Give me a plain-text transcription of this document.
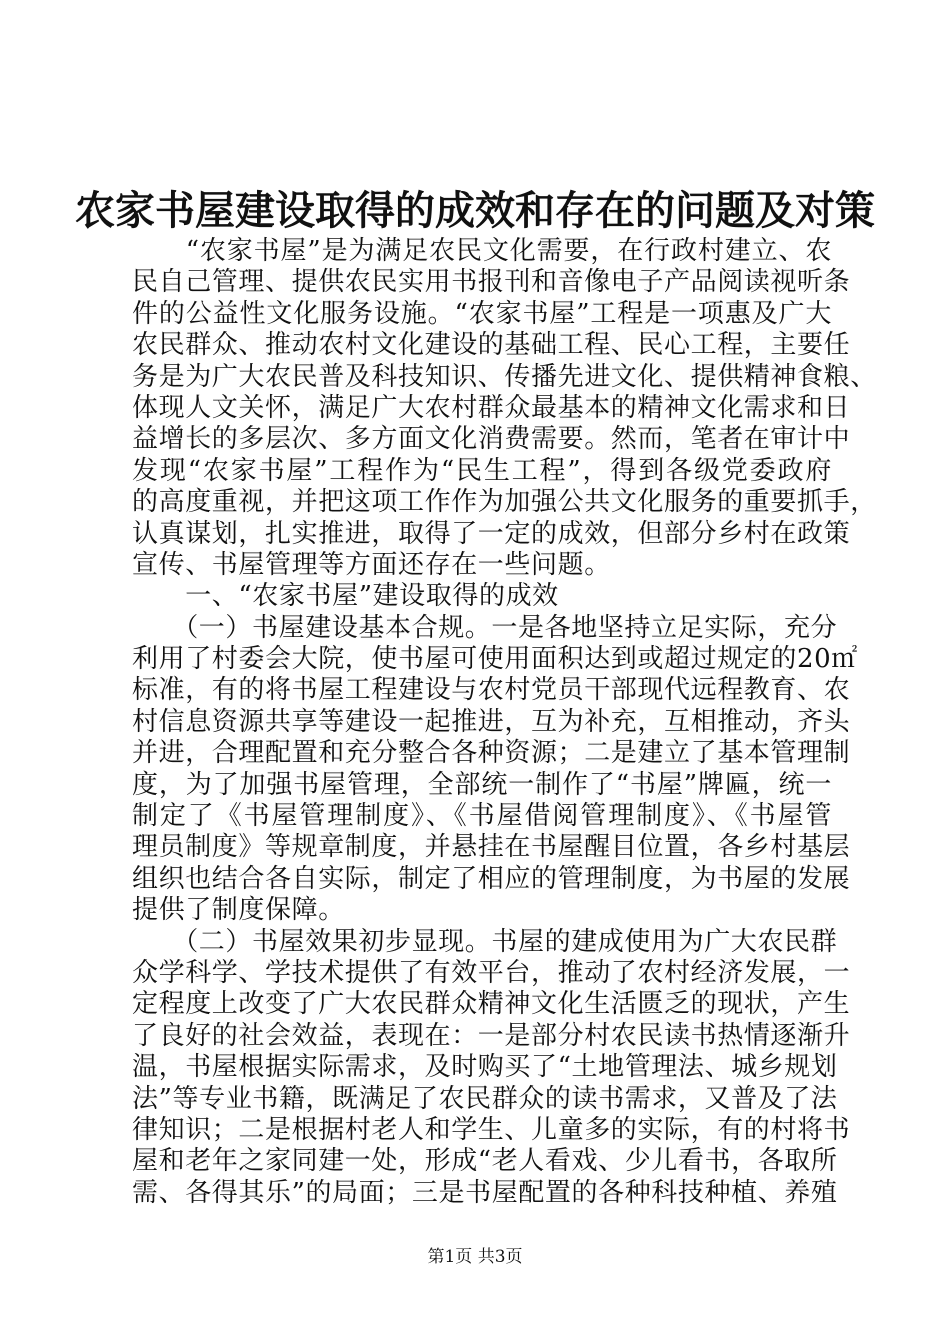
农家书屋建设取得的成效和存在的问题及对策
　　“农家书屋”是为满足农民文化需要，在行政村建立、农
民自己管理、提供农民实用书报刊和音像电子产品阅读视听条
件的公益性文化服务设施。“农家书屋”工程是一项惠及广大
农民群众、推动农村文化建设的基础工程、民心工程，主要任
务是为广大农民普及科技知识、传播先进文化、提供精神食粮、
体现人文关怀，满足广大农村群众最基本的精神文化需求和日
益增长的多层次、多方面文化消费需要。然而，笔者在审计中
发现“农家书屋”工程作为“民生工程”，得到各级党委政府
的高度重视，并把这项工作作为加强公共文化服务的重要抓手，
认真谋划，扎实推进，取得了一定的成效，但部分乡村在政策
宣传、书屋管理等方面还存在一些问题。
　　一、“农家书屋”建设取得的成效
　　（一）书屋建设基本合规。一是各地坚持立足实际，充分
利用了村委会大院，使书屋可使用面积达到或超过规定的20㎡
标准，有的将书屋工程建设与农村党员干部现代远程教育、农
村信息资源共享等建设一起推进，互为补充，互相推动，齐头
并进，合理配置和充分整合各种资源；二是建立了基本管理制
度，为了加强书屋管理，全部统一制作了“书屋”牌匾，统一
制定了《书屋管理制度》、《书屋借阅管理制度》、《书屋管
理员制度》等规章制度，并悬挂在书屋醒目位置，各乡村基层
组织也结合各自实际，制定了相应的管理制度，为书屋的发展
提供了制度保障。
　　（二）书屋效果初步显现。书屋的建成使用为广大农民群
众学科学、学技术提供了有效平台，推动了农村经济发展，一
定程度上改变了广大农民群众精神文化生活匮乏的现状，产生
了良好的社会效益，表现在：一是部分村农民读书热情逐渐升
温，书屋根据实际需求，及时购买了“土地管理法、城乡规划
法”等专业书籍，既满足了农民群众的读书需求，又普及了法
律知识；二是根据村老人和学生、儿童多的实际，有的村将书
屋和老年之家同建一处，形成“老人看戏、少儿看书，各取所
需、各得其乐”的局面；三是书屋配置的各种科技种植、养殖
第1页 共3页
